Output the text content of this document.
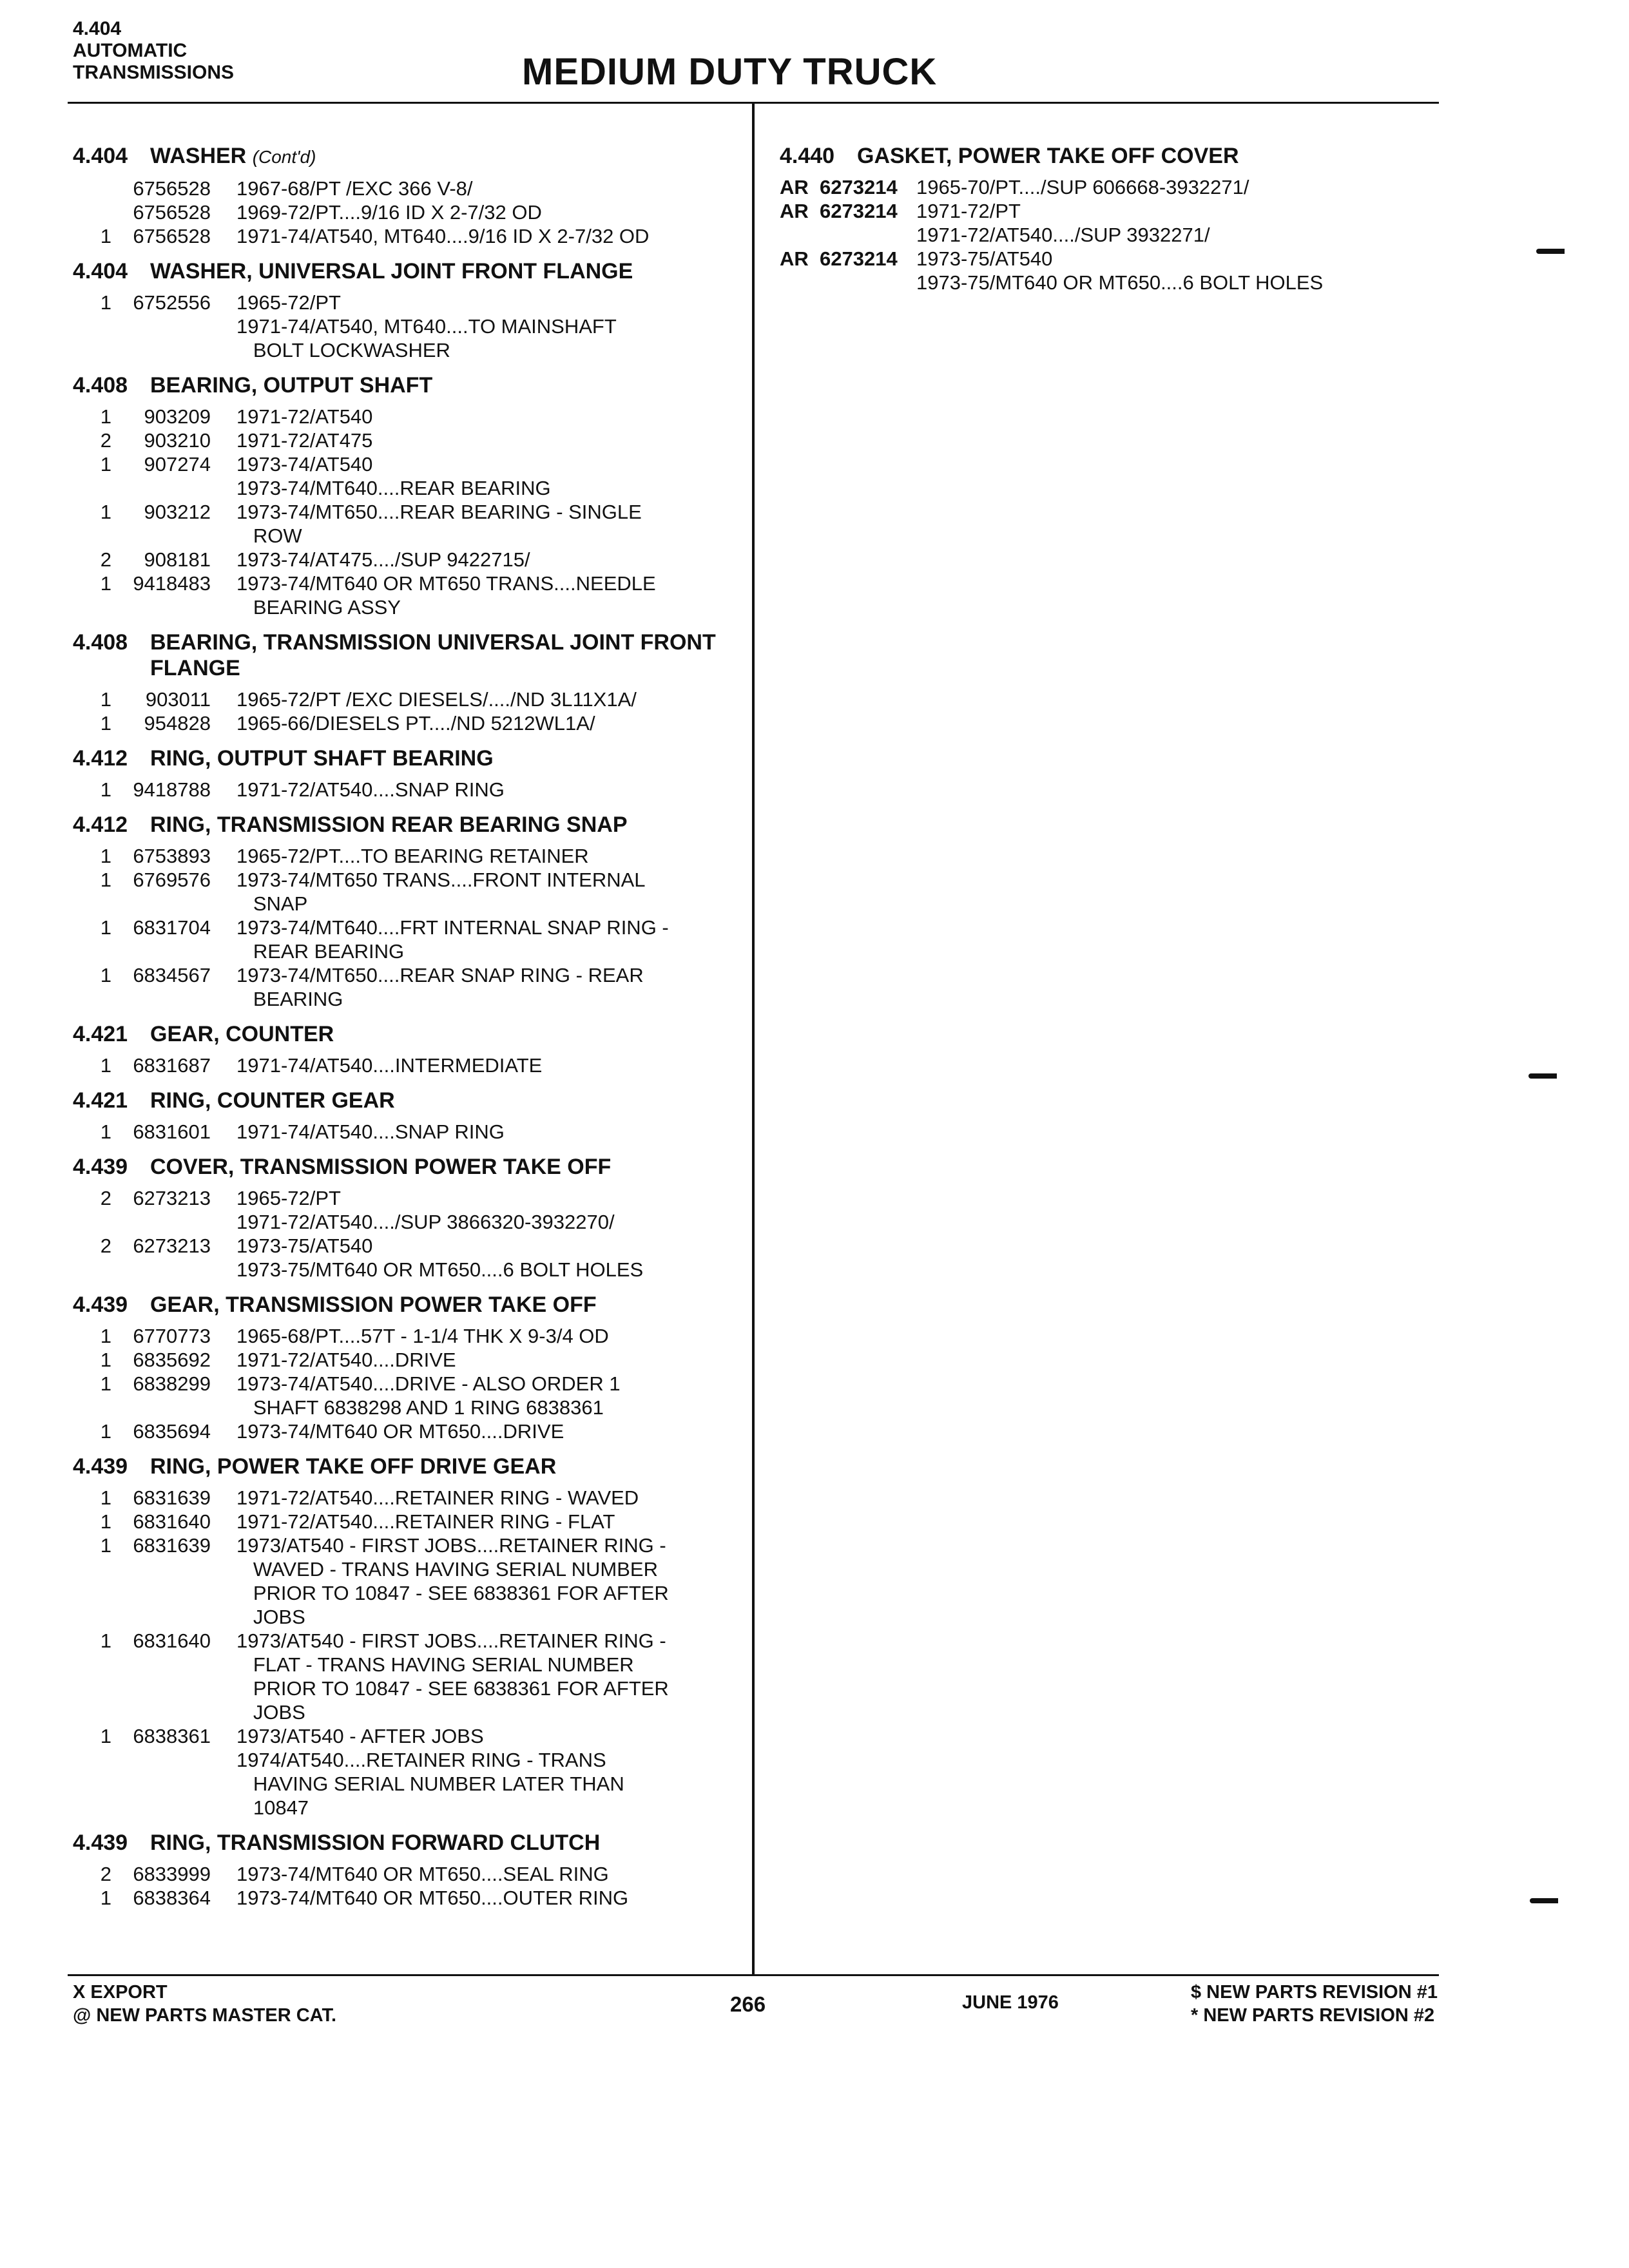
4.404
AUTOMATIC
TRANSMISSIONS	MEDIUM DUTY TRUCK
4.404	WASHER (Cont'd)
6756528	1967-68/PT /EXC 366 V-8/
6756528	1969-72/PT....9/16 ID X 2-7/32 OD
1	6756528	1971-74/AT540, MT640....9/16 ID X 2-7/32 OD
4.404	WASHER, UNIVERSAL JOINT FRONT FLANGE
1	6752556	1965-72/PT
1971-74/AT540, MT640....TO MAINSHAFT
BOLT LOCKWASHER
4.408	BEARING, OUTPUT SHAFT
1	903209	1971-72/AT540
2	903210	1971-72/AT475
1	907274	1973-74/AT540
1973-74/MT640....REAR BEARING
1	903212	1973-74/MT650....REAR BEARING - SINGLE
ROW
2	908181	1973-74/AT475..../SUP 9422715/
1	9418483	1973-74/MT640 OR MT650 TRANS....NEEDLE
BEARING ASSY
4.408	BEARING, TRANSMISSION UNIVERSAL JOINT FRONT FLANGE
1	903011	1965-72/PT /EXC DIESELS/..../ND 3L11X1A/
1	954828	1965-66/DIESELS PT..../ND 5212WL1A/
4.412	RING, OUTPUT SHAFT BEARING
1	9418788	1971-72/AT540....SNAP RING
4.412	RING, TRANSMISSION REAR BEARING SNAP
1	6753893	1965-72/PT....TO BEARING RETAINER
1	6769576	1973-74/MT650 TRANS....FRONT INTERNAL
SNAP
1	6831704	1973-74/MT640....FRT INTERNAL SNAP RING -
REAR BEARING
1	6834567	1973-74/MT650....REAR SNAP RING - REAR
BEARING
4.421	GEAR, COUNTER
1	6831687	1971-74/AT540....INTERMEDIATE
4.421	RING, COUNTER GEAR
1	6831601	1971-74/AT540....SNAP RING
4.439	COVER, TRANSMISSION POWER TAKE OFF
2	6273213	1965-72/PT
1971-72/AT540..../SUP 3866320-3932270/
2	6273213	1973-75/AT540
1973-75/MT640 OR MT650....6 BOLT HOLES
4.439	GEAR, TRANSMISSION POWER TAKE OFF
1	6770773	1965-68/PT....57T - 1-1/4 THK X 9-3/4 OD
1	6835692	1971-72/AT540....DRIVE
1	6838299	1973-74/AT540....DRIVE - ALSO ORDER 1
SHAFT 6838298 AND 1 RING 6838361
1	6835694	1973-74/MT640 OR MT650....DRIVE
4.439	RING, POWER TAKE OFF DRIVE GEAR
1	6831639	1971-72/AT540....RETAINER RING - WAVED
1	6831640	1971-72/AT540....RETAINER RING - FLAT
1	6831639	1973/AT540 - FIRST JOBS....RETAINER RING -
WAVED - TRANS HAVING SERIAL NUMBER
PRIOR TO 10847 - SEE 6838361 FOR AFTER
JOBS
1	6831640	1973/AT540 - FIRST JOBS....RETAINER RING -
FLAT - TRANS HAVING SERIAL NUMBER
PRIOR TO 10847 - SEE 6838361 FOR AFTER
JOBS
1	6838361	1973/AT540 - AFTER JOBS
1974/AT540....RETAINER RING - TRANS
HAVING SERIAL NUMBER LATER THAN
10847
4.439	RING, TRANSMISSION FORWARD CLUTCH
2	6833999	1973-74/MT640 OR MT650....SEAL RING
1	6838364	1973-74/MT640 OR MT650....OUTER RING
4.440	GASKET, POWER TAKE OFF COVER
AR 6273214 1965-70/PT..../SUP 606668-3932271/
AR 6273214 1971-72/PT
1971-72/AT540..../SUP 3932271/
AR 6273214 1973-75/AT540
1973-75/MT640 OR MT650....6 BOLT HOLES
X EXPORT
@ NEW PARTS MASTER CAT.	266	JUNE 1976	$ NEW PARTS REVISION #1
* NEW PARTS REVISION #2
